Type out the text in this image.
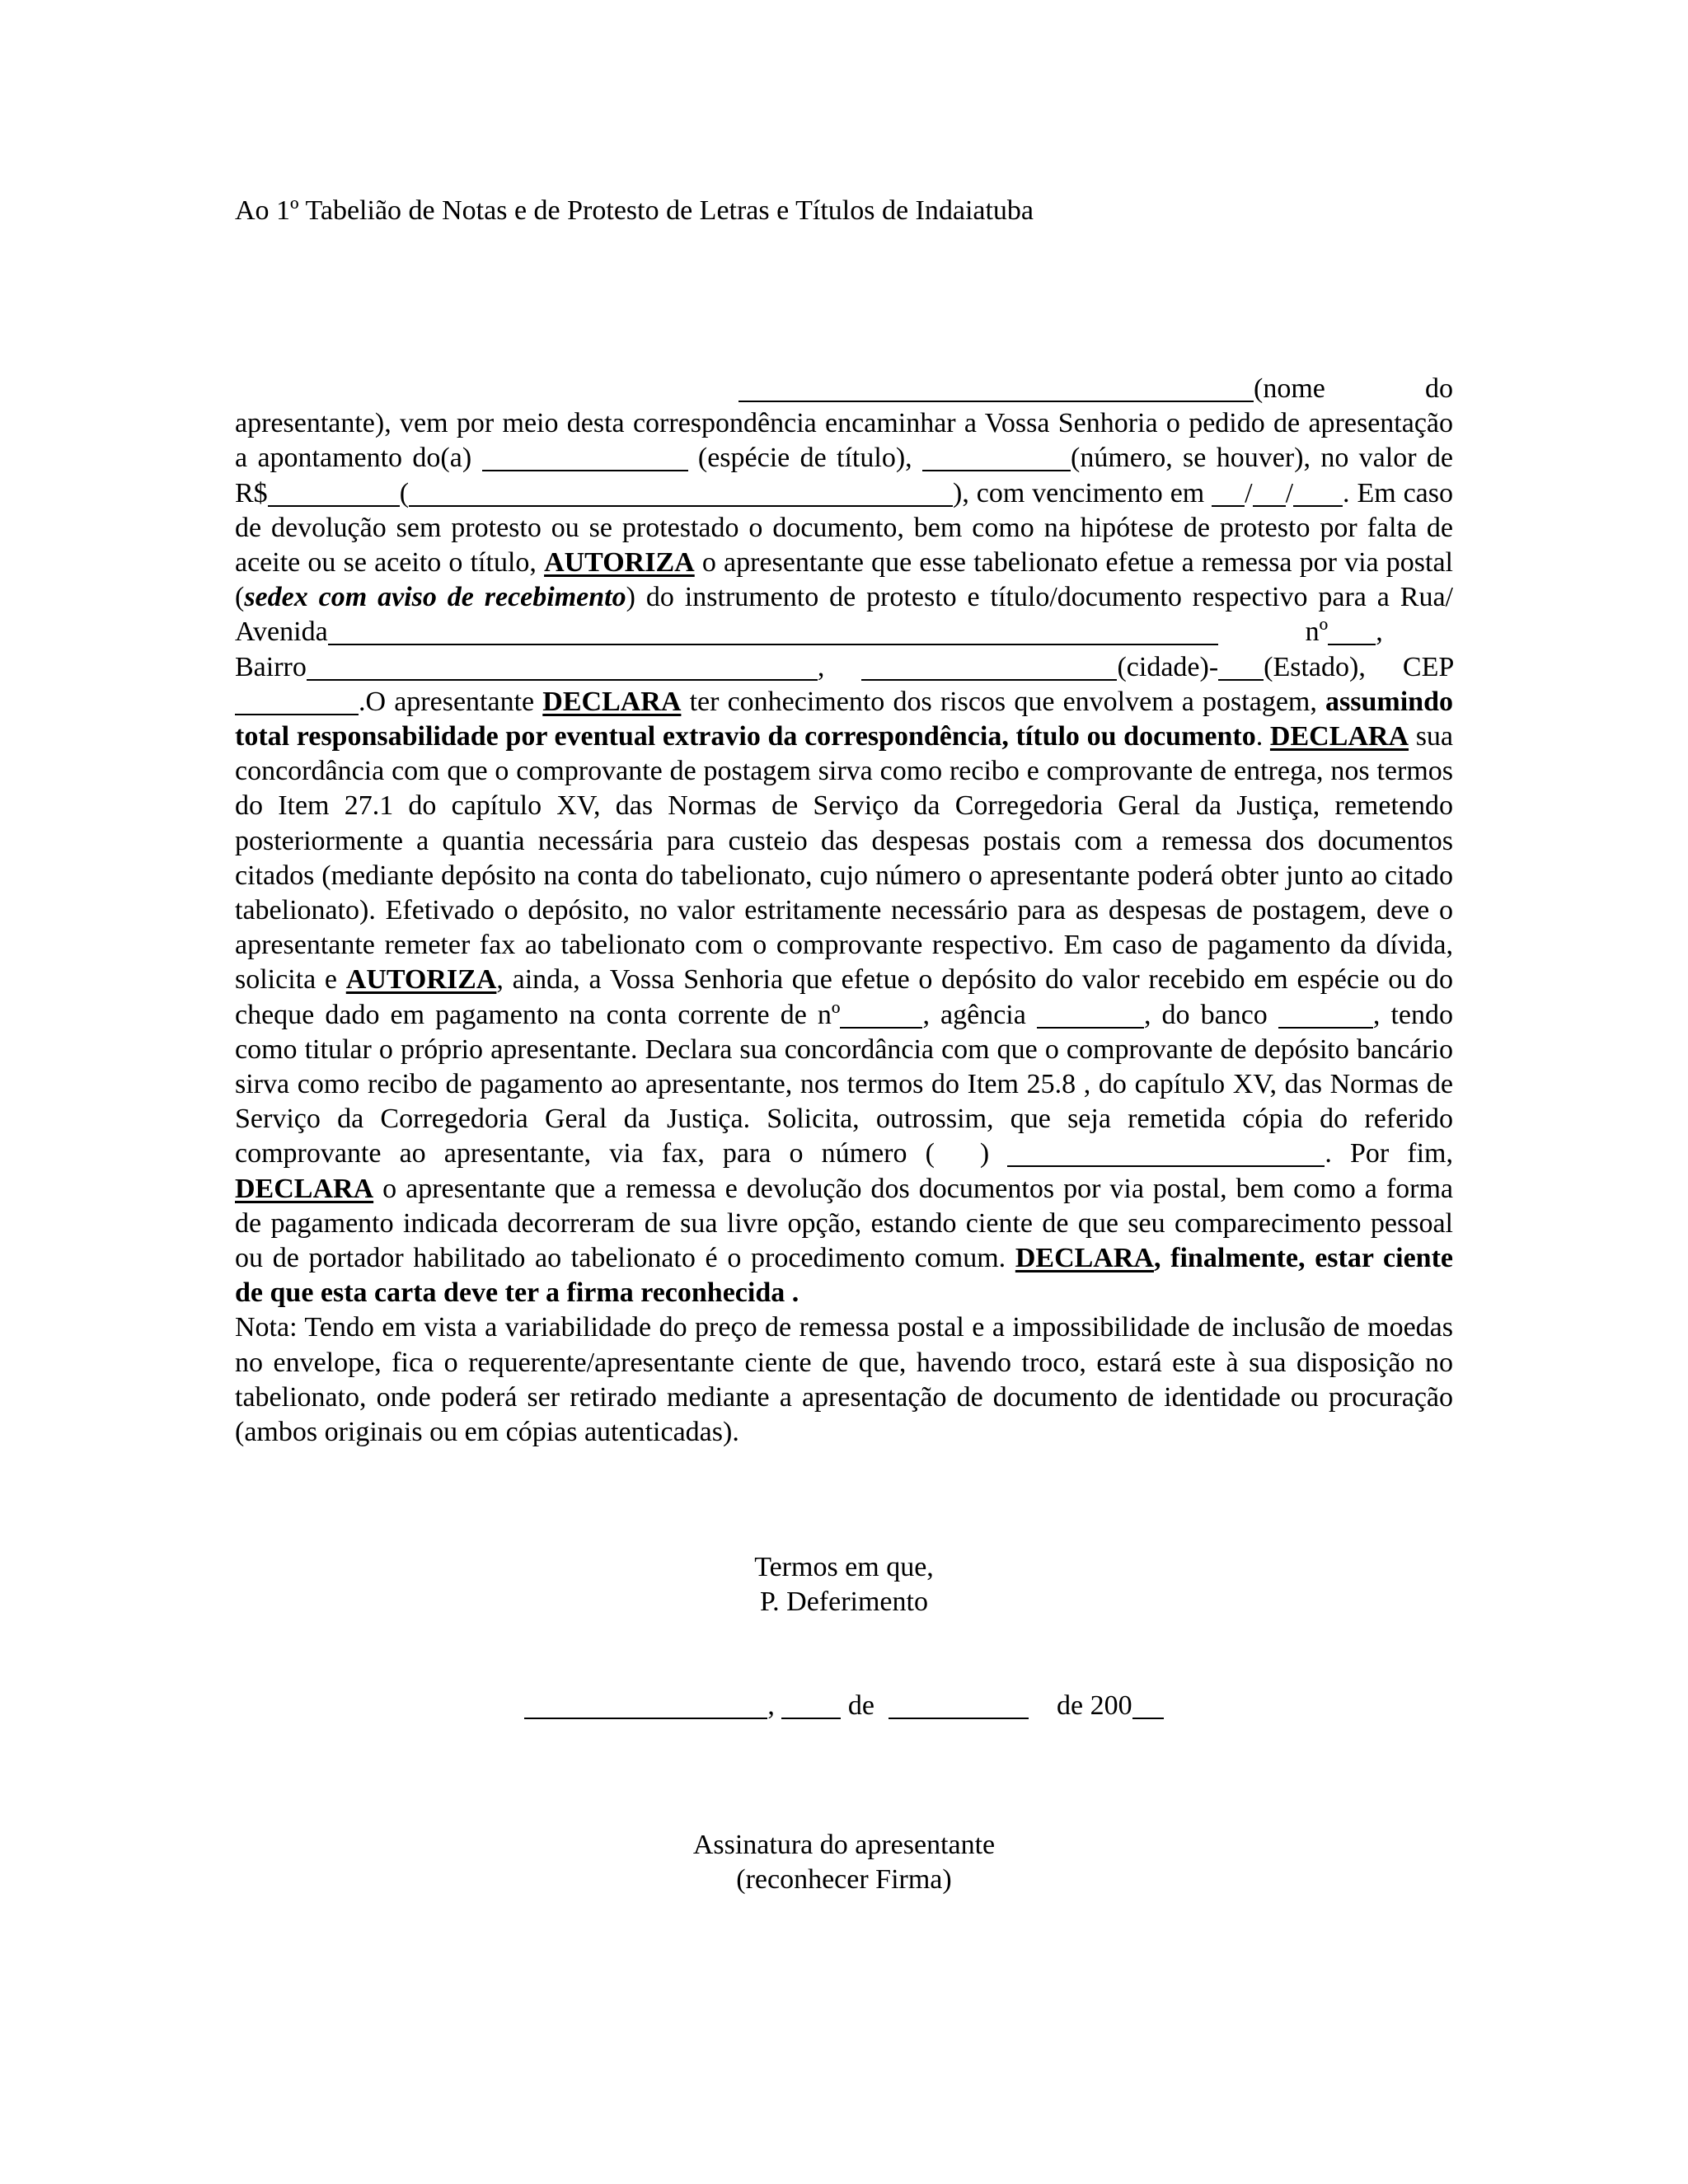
Ao 1º Tabelião de Notas e de Protesto de Letras e Títulos de Indaiatuba

(nome do
apresentante), vem por meio desta correspondência encaminhar a Vossa Senhoria o pedido de apresentação a apontamento do(a)	(espécie de título),	(número, se houver), no valor de R$	(	), com vencimento em / / . Em caso de devolução sem protesto ou se protestado o documento, bem como na hipótese de protesto por falta de aceite ou se aceito o título, AUTORIZA o apresentante que esse tabelionato efetue a remessa por via postal (sedex com aviso de recebimento) do instrumento de protesto e título/documento respectivo para a Rua/ Avenida	nº , Bairro	,	(cidade)- (Estado), CEP .O apresentante DECLARA ter conhecimento dos riscos que envolvem a postagem, assumindo total responsabilidade por eventual extravio da correspondência, título ou documento. DECLARA sua concordância com que o comprovante de postagem sirva como recibo e comprovante de entrega, nos termos do Item 27.1 do capítulo XV, das Normas de Serviço da Corregedoria Geral da Justiça, remetendo posteriormente a quantia necessária para custeio das despesas postais com a remessa dos documentos citados (mediante depósito na conta do tabelionato, cujo número o apresentante poderá obter junto ao citado tabelionato). Efetivado o depósito, no valor estritamente necessário para as despesas de postagem, deve o apresentante remeter fax ao tabelionato com o comprovante respectivo. Em caso de pagamento da dívida, solicita e AUTORIZA, ainda, a Vossa Senhoria que efetue o depósito do valor recebido em espécie ou do cheque dado em pagamento na conta corrente de nº	, agência	, do banco	, tendo como titular o próprio apresentante. Declara sua concordância com que o comprovante de depósito bancário sirva como recibo de pagamento ao apresentante, nos termos do Item 25.8 , do capítulo XV, das Normas de Serviço da Corregedoria Geral da Justiça. Solicita, outrossim, que seja remetida cópia do referido comprovante ao apresentante, via fax, para o número ( )	. Por fim, DECLARA o apresentante que a remessa e devolução dos documentos por via postal, bem como a forma de pagamento indicada decorreram de sua livre opção, estando ciente de que seu comparecimento pessoal ou de portador habilitado ao tabelionato é o procedimento comum. DECLARA, finalmente, estar ciente de que esta carta deve ter a firma reconhecida .

Nota: Tendo em vista a variabilidade do preço de remessa postal e a impossibilidade de inclusão de moedas no envelope, fica o requerente/apresentante ciente de que, havendo troco, estará este à sua disposição no tabelionato, onde poderá ser retirado mediante a apresentação de documento de identidade ou procuração (ambos originais ou em cópias autenticadas).

Termos em que,
P. Deferimento
,	de	de 200
Assinatura do apresentante
(reconhecer Firma)
